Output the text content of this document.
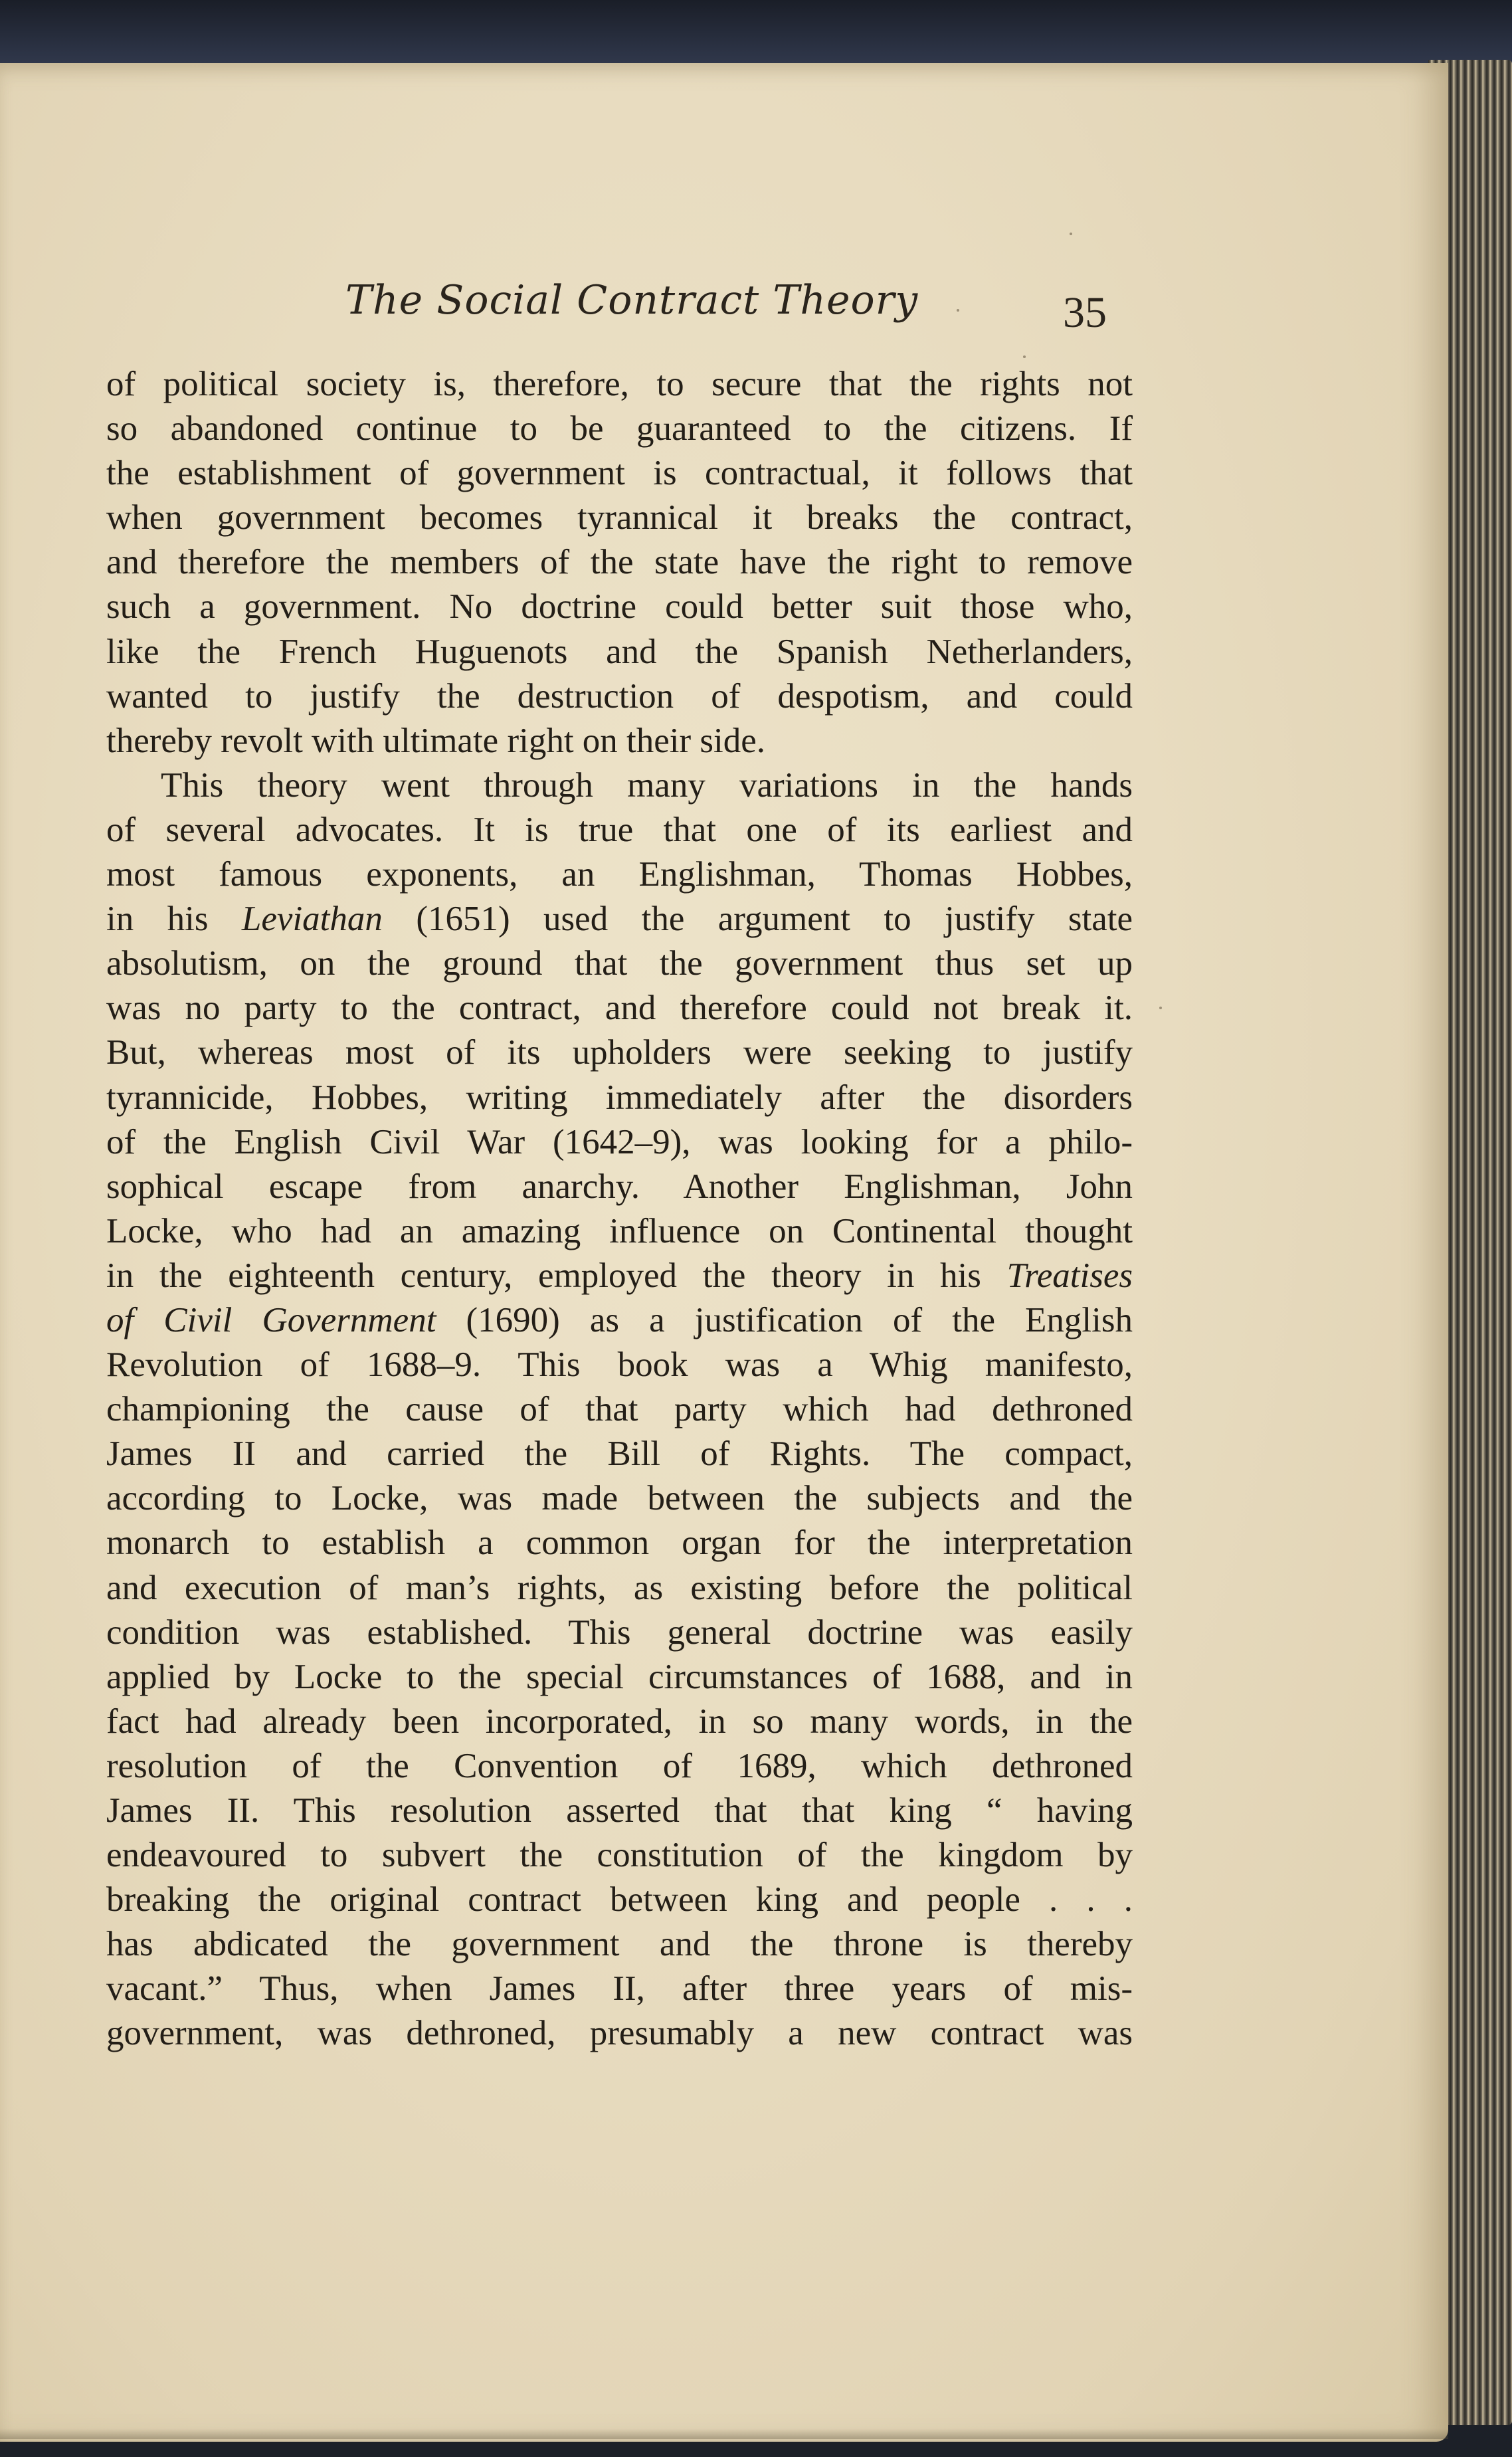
The Social Contract Theory	35
of political society is, therefore, to secure that the rights not
so abandoned continue to be guaranteed to the citizens. If
the establishment of government is contractual, it follows that
when government becomes tyrannical it breaks the contract,
and therefore the members of the state have the right to remove
such a government. No doctrine could better suit those who,
like the French Huguenots and the Spanish Netherlanders,
wanted to justify the destruction of despotism, and could
thereby revolt with ultimate right on their side.
This theory went through many variations in the hands
of several advocates. It is true that one of its earliest and
most famous exponents, an Englishman, Thomas Hobbes,
in his Leviathan (1651) used the argument to justify state
absolutism, on the ground that the government thus set up
was no party to the contract, and therefore could not break it.
But, whereas most of its upholders were seeking to justify
tyrannicide, Hobbes, writing immediately after the disorders
of the English Civil War (1642–9), was looking for a philo-
sophical escape from anarchy. Another Englishman, John
Locke, who had an amazing influence on Continental thought
in the eighteenth century, employed the theory in his Treatises
of Civil Government (1690) as a justification of the English
Revolution of 1688–9. This book was a Whig manifesto,
championing the cause of that party which had dethroned
James II and carried the Bill of Rights. The compact,
according to Locke, was made between the subjects and the
monarch to establish a common organ for the interpretation
and execution of man’s rights, as existing before the political
condition was established. This general doctrine was easily
applied by Locke to the special circumstances of 1688, and in
fact had already been incorporated, in so many words, in the
resolution of the Convention of 1689, which dethroned
James II. This resolution asserted that that king “ having
endeavoured to subvert the constitution of the kingdom by
breaking the original contract between king and people . . .
has abdicated the government and the throne is thereby
vacant.” Thus, when James II, after three years of mis-
government, was dethroned, presumably a new contract was
